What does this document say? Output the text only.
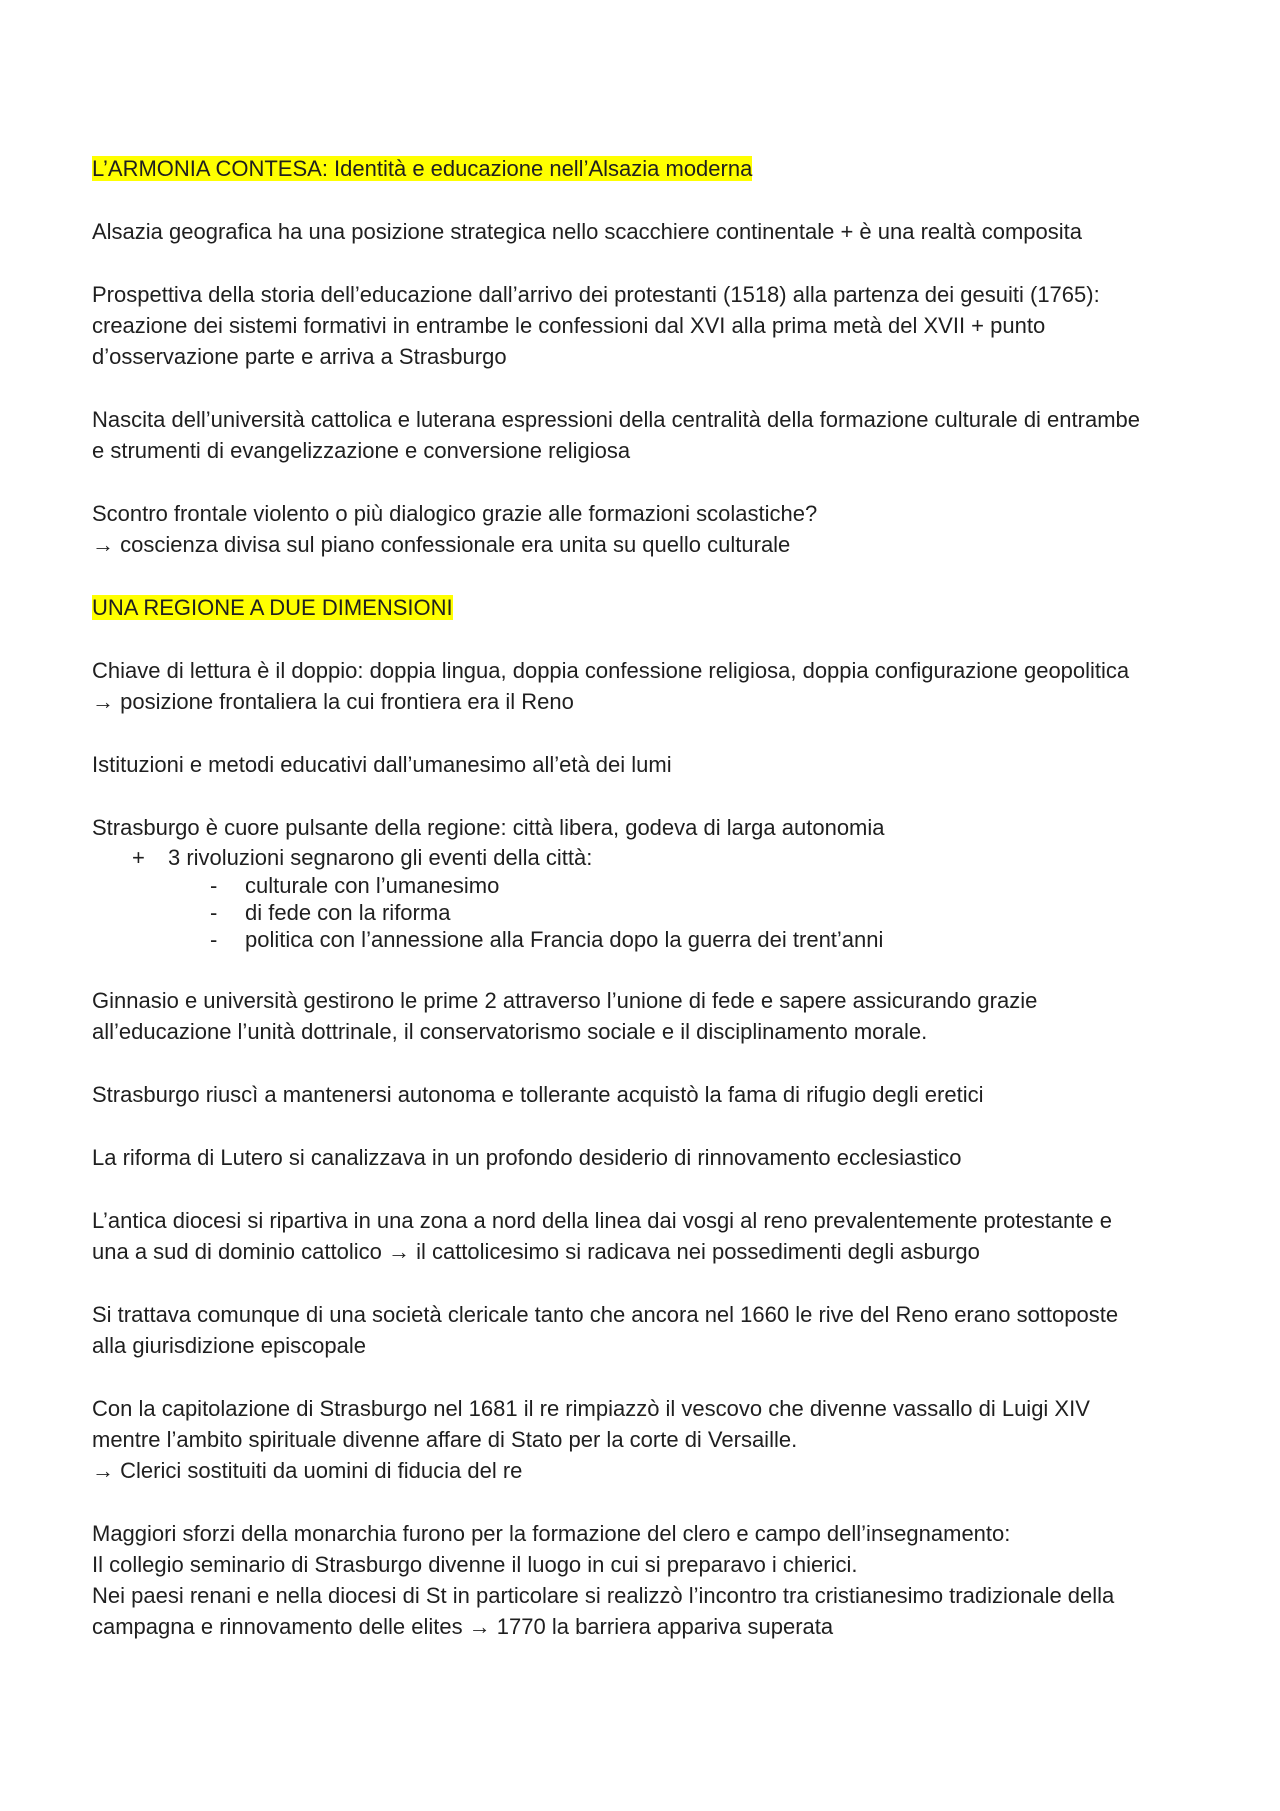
L’ARMONIA CONTESA: Identità e educazione nell’Alsazia moderna
Alsazia geografica ha una posizione strategica nello scacchiere continentale + è una realtà composita
Prospettiva della storia dell’educazione dall’arrivo dei protestanti (1518) alla partenza dei gesuiti (1765):
creazione dei sistemi formativi in entrambe le confessioni dal XVI alla prima metà del XVII + punto
d’osservazione parte e arriva a Strasburgo
Nascita dell’università cattolica e luterana espressioni della centralità della formazione culturale di entrambe
e strumenti di evangelizzazione e conversione religiosa
Scontro frontale violento o più dialogico grazie alle formazioni scolastiche?
→ coscienza divisa sul piano confessionale era unita su quello culturale
UNA REGIONE A DUE DIMENSIONI
Chiave di lettura è il doppio: doppia lingua, doppia confessione religiosa, doppia configurazione geopolitica
→ posizione frontaliera la cui frontiera era il Reno
Istituzioni e metodi educativi dall’umanesimo all’età dei lumi
Strasburgo è cuore pulsante della regione: città libera, godeva di larga autonomia
+ 3 rivoluzioni segnarono gli eventi della città:
- culturale con l’umanesimo
- di fede con la riforma
- politica con l’annessione alla Francia dopo la guerra dei trent’anni
Ginnasio e università gestirono le prime 2 attraverso l’unione di fede e sapere assicurando grazie
all’educazione l’unità dottrinale, il conservatorismo sociale e il disciplinamento morale.
Strasburgo riuscì a mantenersi autonoma e tollerante acquistò la fama di rifugio degli eretici
La riforma di Lutero si canalizzava in un profondo desiderio di rinnovamento ecclesiastico
L’antica diocesi si ripartiva in una zona a nord della linea dai vosgi al reno prevalentemente protestante e
una a sud di dominio cattolico → il cattolicesimo si radicava nei possedimenti degli asburgo
Si trattava comunque di una società clericale tanto che ancora nel 1660 le rive del Reno erano sottoposte
alla giurisdizione episcopale
Con la capitolazione di Strasburgo nel 1681 il re rimpiazzò il vescovo che divenne vassallo di Luigi XIV
mentre l’ambito spirituale divenne affare di Stato per la corte di Versaille.
→ Clerici sostituiti da uomini di fiducia del re
Maggiori sforzi della monarchia furono per la formazione del clero e campo dell’insegnamento:
Il collegio seminario di Strasburgo divenne il luogo in cui si preparavo i chierici.
Nei paesi renani e nella diocesi di St in particolare si realizzò l’incontro tra cristianesimo tradizionale della
campagna e rinnovamento delle elites → 1770 la barriera appariva superata
